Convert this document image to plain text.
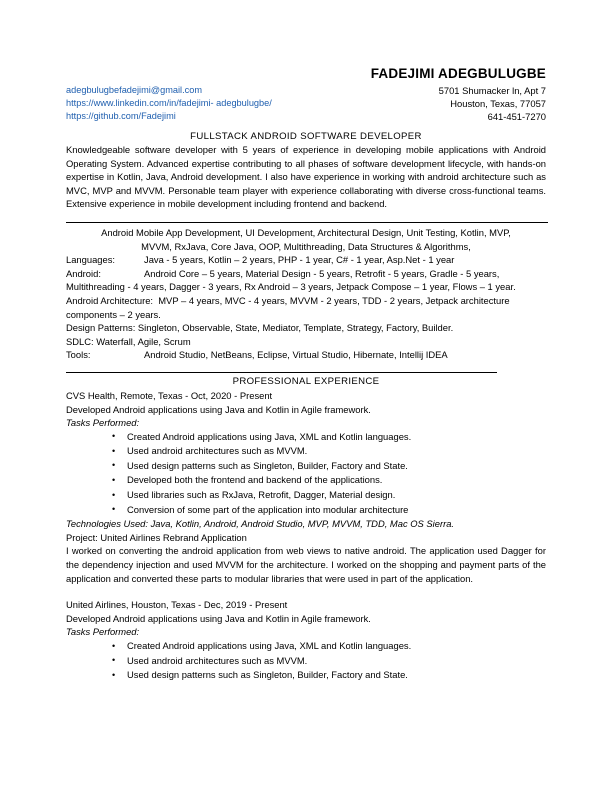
FADEJIMI ADEGBULUGBE
adegbulugbefadejimi@gmail.com
https://www.linkedin.com/in/fadejimi- adegbulugbe/
https://github.com/Fadejimi
5701 Shumacker ln, Apt 7
Houston, Texas, 77057
641-451-7270
FULLSTACK ANDROID SOFTWARE DEVELOPER
Knowledgeable software developer with 5 years of experience in developing mobile applications with Android Operating System. Advanced expertise contributing to all phases of software development lifecycle, with hands-on expertise in Kotlin, Java, Android development. I also have experience in working with android architecture such as MVC, MVP and MVVM. Personable team player with experience collaborating with diverse cross-functional teams. Extensive experience in mobile development including frontend and backend.
Android Mobile App Development, UI Development, Architectural Design, Unit Testing, Kotlin, MVP,
MVVM, RxJava, Core Java, OOP, Multithreading, Data Structures & Algorithms,
Languages:	Java - 5 years, Kotlin – 2 years, PHP - 1 year, C# - 1 year, Asp.Net - 1 year
Android:	Android Core – 5 years, Material Design - 5 years, Retrofit - 5 years, Gradle - 5 years,
Multithreading - 4 years, Dagger - 3 years, Rx Android – 3 years, Jetpack Compose – 1 year, Flows – 1 year.
Android Architecture: MVP – 4 years, MVC - 4 years, MVVM - 2 years, TDD - 2 years, Jetpack architecture components – 2 years.
Design Patterns: Singleton, Observable, State, Mediator, Template, Strategy, Factory, Builder.
SDLC: Waterfall, Agile, Scrum
Tools:	Android Studio, NetBeans, Eclipse, Virtual Studio, Hibernate, Intellij IDEA
PROFESSIONAL EXPERIENCE
CVS Health, Remote, Texas - Oct, 2020 - Present
Developed Android applications using Java and Kotlin in Agile framework.
Tasks Performed:
• Created Android applications using Java, XML and Kotlin languages.
• Used android architectures such as MVVM.
• Used design patterns such as Singleton, Builder, Factory and State.
• Developed both the frontend and backend of the applications.
• Used libraries such as RxJava, Retrofit, Dagger, Material design.
• Conversion of some part of the application into modular architecture
Technologies Used: Java, Kotlin, Android, Android Studio, MVP, MVVM, TDD, Mac OS Sierra.
Project: United Airlines Rebrand Application
I worked on converting the android application from web views to native android. The application used Dagger for the dependency injection and used MVVM for the architecture. I worked on the shopping and payment parts of the application and converted these parts to modular libraries that were used in part of the application.
United Airlines, Houston, Texas - Dec, 2019 - Present
Developed Android applications using Java and Kotlin in Agile framework.
Tasks Performed:
• Created Android applications using Java, XML and Kotlin languages.
• Used android architectures such as MVVM.
• Used design patterns such as Singleton, Builder, Factory and State.
